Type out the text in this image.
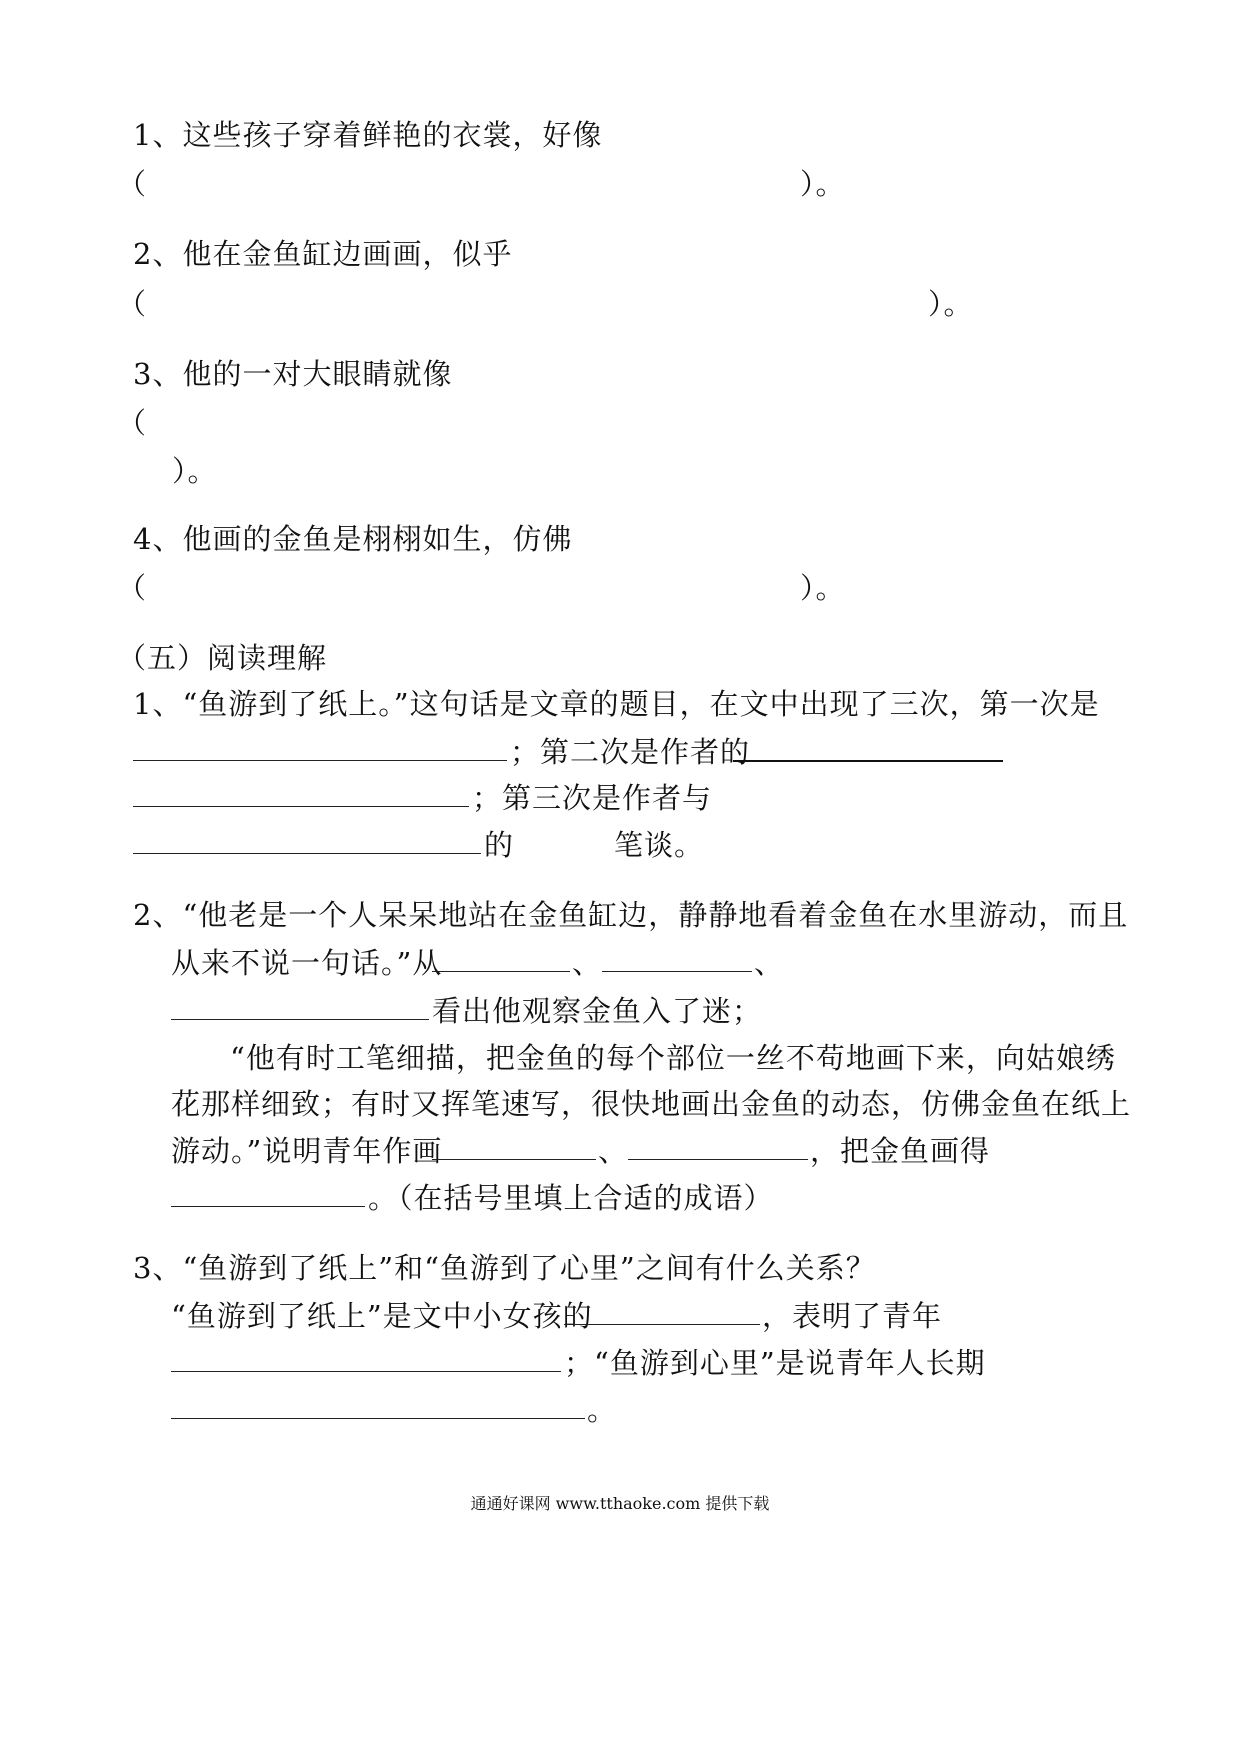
1、这些孩子穿着鲜艳的衣裳，好像
（	）。
2、他在金鱼缸边画画，似乎
（	）。
3、他的一对大眼睛就像
（
）。
4、他画的金鱼是栩栩如生，仿佛
（	）。
（五）阅读理解
1、“鱼游到了纸上。”这句话是文章的题目，在文中出现了三次，第一次是
；第二次是作者的
；第三次是作者与
的	笔谈。
2、“他老是一个人呆呆地站在金鱼缸边，静静地看着金鱼在水里游动，而且
从来不说一句话。”从	、	、
看出他观察金鱼入了迷；
“他有时工笔细描，把金鱼的每个部位一丝不苟地画下来，向姑娘绣
花那样细致；有时又挥笔速写，很快地画出金鱼的动态，仿佛金鱼在纸上
游动。”说明青年作画	、	，把金鱼画得
。（在括号里填上合适的成语）
3、“鱼游到了纸上”和“鱼游到了心里”之间有什么关系？
“鱼游到了纸上”是文中小女孩的	，表明了青年
；“鱼游到心里”是说青年人长期
。
通通好课网 www.tthaoke.com 提供下载
